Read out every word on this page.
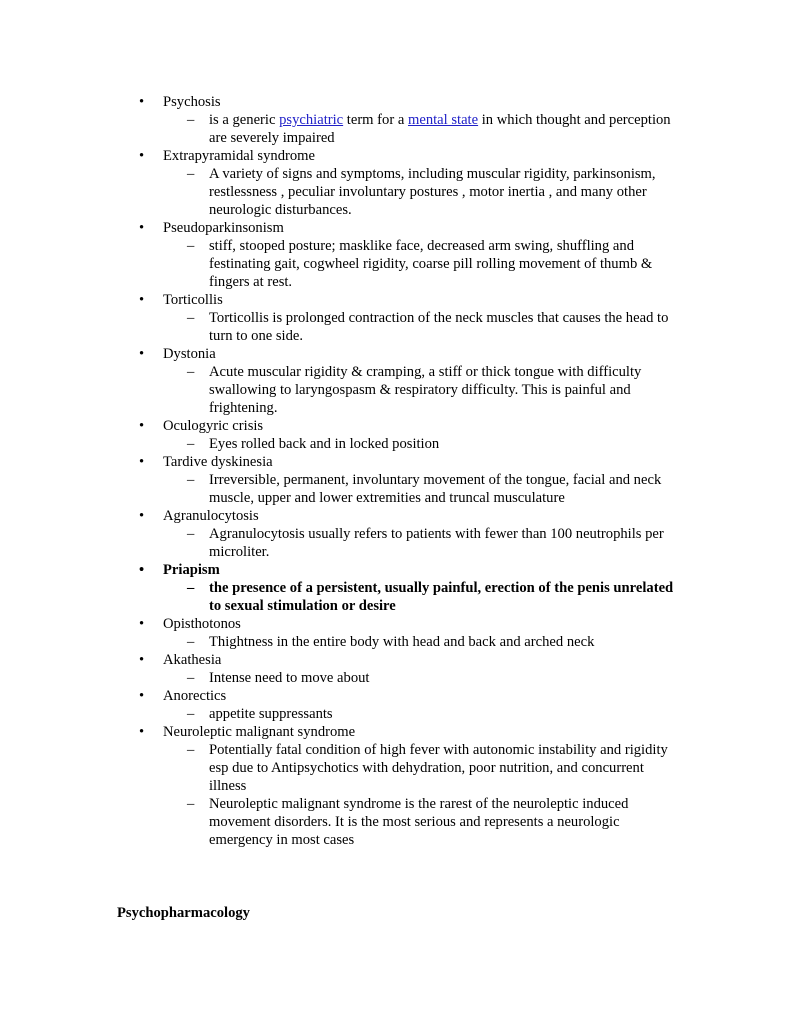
•	Psychosis
– is a generic psychiatric term for a mental state in which thought and perception are severely impaired
•	Extrapyramidal syndrome
– A variety of signs and symptoms, including muscular rigidity, parkinsonism, restlessness , peculiar involuntary postures , motor inertia , and many other neurologic disturbances.
•	Pseudoparkinsonism
– stiff, stooped posture; masklike face, decreased arm swing, shuffling and festinating gait, cogwheel rigidity, coarse pill rolling movement of thumb & fingers at rest.
•	Torticollis
– Torticollis is prolonged contraction of the neck muscles that causes the head to turn to one side.
•	Dystonia
– Acute muscular rigidity & cramping, a stiff or thick tongue with difficulty swallowing to laryngospasm & respiratory difficulty. This is painful and frightening.
•	Oculogyric crisis
– Eyes rolled back and in locked position
•	Tardive dyskinesia
– Irreversible, permanent, involuntary movement of the tongue, facial and neck muscle, upper and lower extremities and truncal musculature
•	Agranulocytosis
– Agranulocytosis usually refers to patients with fewer than 100 neutrophils per microliter.
•	Priapism
– the presence of a persistent, usually painful, erection of the penis unrelated to sexual stimulation or desire
•	Opisthotonos
– Thightness in the entire body with head and back and arched neck
•	Akathesia
– Intense need to move about
•	Anorectics
– appetite suppressants
•	Neuroleptic malignant syndrome
– Potentially fatal condition of high fever with autonomic instability and rigidity esp due to Antipsychotics with dehydration, poor nutrition, and concurrent illness
– Neuroleptic malignant syndrome is the rarest of the neuroleptic induced movement disorders. It is the most serious and represents a neurologic emergency in most cases
Psychopharmacology
